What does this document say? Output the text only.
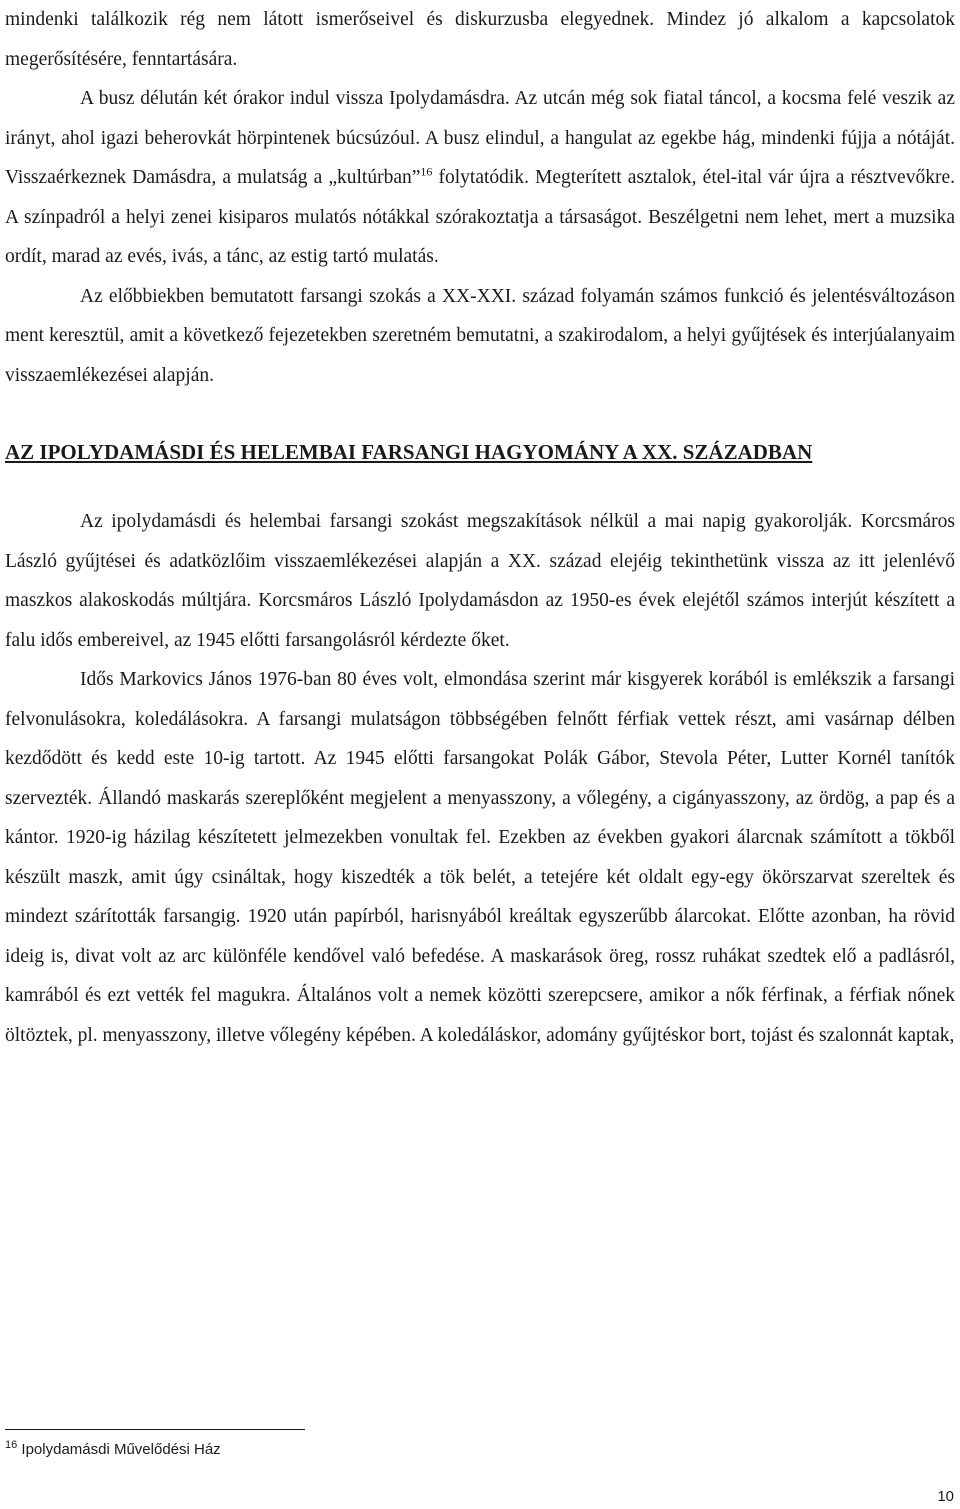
mindenki találkozik rég nem látott ismerőseivel és diskurzusba elegyednek. Mindez jó alkalom a kapcsolatok megerősítésére, fenntartására.

A busz délután két órakor indul vissza Ipolydamásdra. Az utcán még sok fiatal táncol, a kocsma felé veszik az irányt, ahol igazi beherovkát hörpintenek búcsúzóul. A busz elindul, a hangulat az egekbe hág, mindenki fújja a nótáját. Visszaérkeznek Damásdra, a mulatság a „kultúrban”$^{16}$ folytatódik. Megterített asztalok, étel-ital vár újra a résztvevőkre. A színpadról a helyi zenei kisiparos mulatós nótákkal szórakoztatja a társaságot. Beszélgetni nem lehet, mert a muzsika ordít, marad az evés, ivás, a tánc, az estig tartó mulatás.

Az előbbiekben bemutatott farsangi szokás a XX-XXI. század folyamán számos funkció és jelentésváltozáson ment keresztül, amit a következő fejezetekben szeretném bemutatni, a szakirodalom, a helyi gyűjtések és interjúalanyaim visszaemlékezései alapján.

AZ IPOLYDAMÁSDI ÉS HELEMBAI FARSANGI HAGYOMÁNY A XX. SZÁZADBAN

Az ipolydamásdi és helembai farsangi szokást megszakítások nélkül a mai napig gyakorolják. Korcsmáros László gyűjtései és adatközlőim visszaemlékezései alapján a XX. század elejéig tekinthetünk vissza az itt jelenlévő maszkos alakoskodás múltjára. Korcsmáros László Ipolydamásdon az 1950-es évek elejétől számos interjút készített a falu idős embereivel, az 1945 előtti farsangolásról kérdezte őket.

Idős Markovics János 1976-ban 80 éves volt, elmondása szerint már kisgyerek korából is emlékszik a farsangi felvonulásokra, koledálásokra. A farsangi mulatságon többségében felnőtt férfiak vettek részt, ami vasárnap délben kezdődött és kedd este 10-ig tartott. Az 1945 előtti farsangokat Polák Gábor, Stevola Péter, Lutter Kornél tanítók szervezték. Állandó maskarás szereplőként megjelent a menyasszony, a vőlegény, a cigányasszony, az ördög, a pap és a kántor. 1920-ig házilag készítetett jelmezekben vonultak fel. Ezekben az években gyakori álarcnak számított a tökből készült maszk, amit úgy csináltak, hogy kiszedték a tök belét, a tetejére két oldalt egy-egy ökörszarvat szereltek és mindezt szárították farsangig. 1920 után papírból, harisnyából kreáltak egyszerűbb álarcokat. Előtte azonban, ha rövid ideig is, divat volt az arc különféle kendővel való befedése. A maskarások öreg, rossz ruhákat szedtek elő a padlásról, kamrából és ezt vették fel magukra. Általános volt a nemek közötti szerepcsere, amikor a nők férfinak, a férfiak nőnek öltöztek, pl. menyasszony, illetve vőlegény képében. A koledáláskor, adomány gyűjtéskor bort, tojást és szalonnát kaptak,

$^{16}$ Ipolydamásdi Művelődési Ház
10
